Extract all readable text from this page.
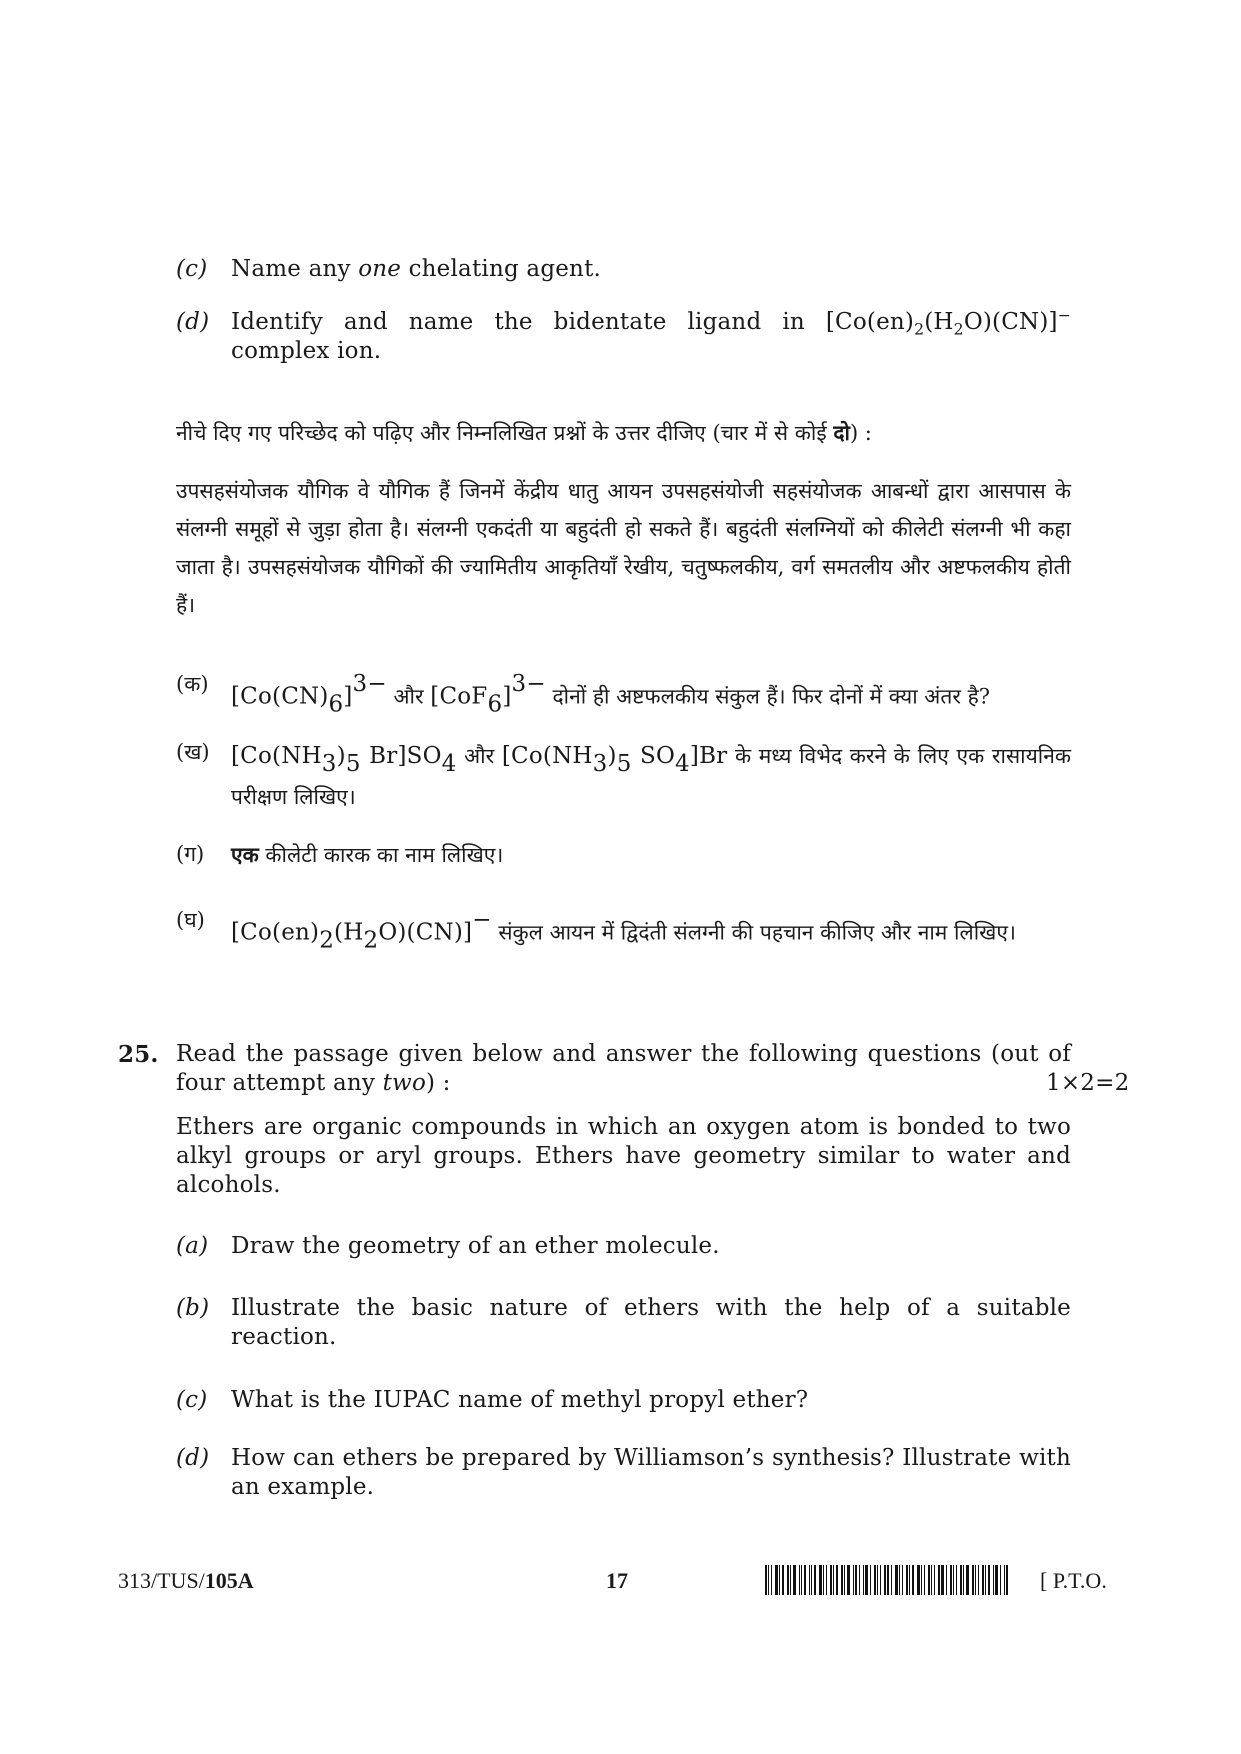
(c) Name any one chelating agent.
(d) Identify and name the bidentate ligand in $[Co(en)_2(H_2O)(CN)]^-$ complex ion.
नीचे दिए गए परिच्छेद को पढ़िए और निम्नलिखित प्रश्नों के उत्तर दीजिए (चार में से कोई दो) :
उपसहसंयोजक यौगिक वे यौगिक हैं जिनमें केंद्रीय धातु आयन उपसहसंयोजी सहसंयोजक आबन्धों द्वारा आसपास के संलग्नी समूहों से जुड़ा होता है। संलग्नी एकदंती या बहुदंती हो सकते हैं। बहुदंती संलग्नियों को कीलेटी संलग्नी भी कहा जाता है। उपसहसंयोजक यौगिकों की ज्यामितीय आकृतियाँ रेखीय, चतुष्फलकीय, वर्ग समतलीय और अष्टफलकीय होती हैं।
(क) $[Co(CN)_6]^{3-}$ और $[CoF_6]^{3-}$ दोनों ही अष्टफलकीय संकुल हैं। फिर दोनों में क्या अंतर है?
(ख) [$Co(NH_3)_5$ $Br]SO_4$ और [$Co(NH_3)_5$ $SO_4]Br$ के मध्य विभेद करने के लिए एक रासायनिक परीक्षण लिखिए।
(ग) एक कीलेटी कारक का नाम लिखिए।
(घ) $[Co(en)_2(H_2O)(CN)]^-$ संकुल आयन में द्विदंती संलग्नी की पहचान कीजिए और नाम लिखिए।
25. Read the passage given below and answer the following questions (out of four attempt any two) :	1×2=2
Ethers are organic compounds in which an oxygen atom is bonded to two alkyl groups or aryl groups. Ethers have geometry similar to water and alcohols.
(a) Draw the geometry of an ether molecule.
(b) Illustrate the basic nature of ethers with the help of a suitable reaction.
(c) What is the IUPAC name of methyl propyl ether?
(d) How can ethers be prepared by Williamson’s synthesis? Illustrate with an example.
313/TUS/105A	17	[ P.T.O.
